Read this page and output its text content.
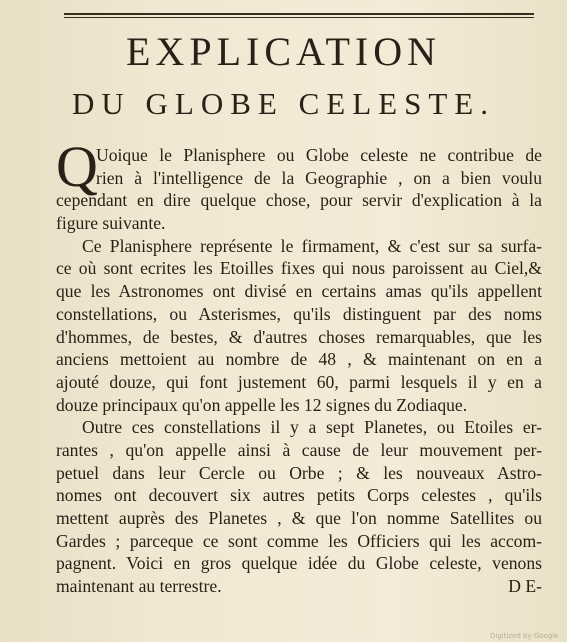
EXPLICATION
DU GLOBE CELESTE.
Q
Uoique le Planisphere ou Globe celeste ne contribue de
rien à l'intelligence de la Geographie , on a bien voulu
cependant en dire quelque chose, pour servir d'explication à la
figure suivante.
Ce Planisphere représente le firmament, & c'est sur sa surfa-
ce où sont ecrites les Etoilles fixes qui nous paroissent au Ciel,&
que les Astronomes ont divisé en certains amas qu'ils appellent
constellations, ou Asterismes, qu'ils distinguent par des noms
d'hommes, de bestes, & d'autres choses remarquables, que les
anciens mettoient au nombre de 48 , & maintenant on en a
ajouté douze, qui font justement 60, parmi lesquels il y en a
douze principaux qu'on appelle les 12 signes du Zodiaque.
Outre ces constellations il y a sept Planetes, ou Etoiles er-
rantes , qu'on appelle ainsi à cause de leur mouvement per-
petuel dans leur Cercle ou Orbe ; & les nouveaux Astro-
nomes ont decouvert six autres petits Corps celestes , qu'ils
mettent auprès des Planetes , & que l'on nomme Satellites ou
Gardes ; parceque ce sont comme les Officiers qui les accom-
pagnent. Voici en gros quelque idée du Globe celeste, venons
maintenant au terrestre.	D E-
Digitized by Google
